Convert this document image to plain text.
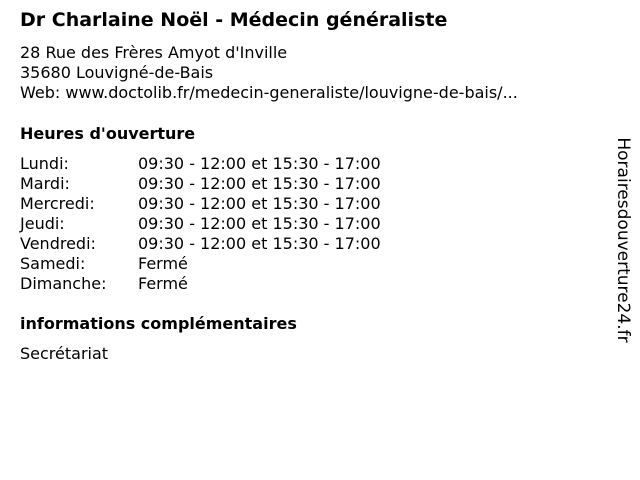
Dr Charlaine Noël - Médecin généraliste
28 Rue des Frères Amyot d'Inville
35680 Louvigné-de-Bais
Web: www.doctolib.fr/medecin-generaliste/louvigne-de-bais/...
Heures d'ouverture
Lundi:	09:30 - 12:00 et 15:30 - 17:00
Mardi:	09:30 - 12:00 et 15:30 - 17:00
Mercredi:	09:30 - 12:00 et 15:30 - 17:00
Jeudi:	09:30 - 12:00 et 15:30 - 17:00
Vendredi:	09:30 - 12:00 et 15:30 - 17:00
Samedi:	Fermé
Dimanche:	Fermé
informations complémentaires
Secrétariat
Horairesdouverture24.fr
